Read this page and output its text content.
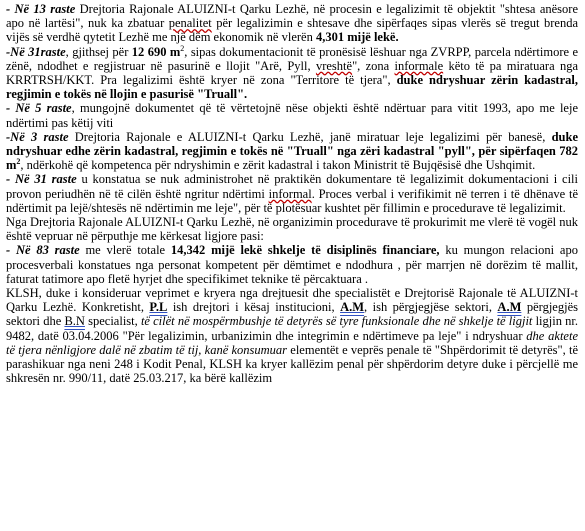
- Në 13 raste Drejtoria Rajonale ALUIZNI-t Qarku Lezhë, në procesin e legalizimit të objektit "shtesa anësore apo në lartësi", nuk ka zbatuar penalitet për legalizimin e shtesave dhe sipërfaqes sipas vlerës së tregut brenda vijës së verdhë qytetit Lezhë me një dëm ekonomik në vlerën 4,301 mijë lekë.

-Në 31raste, gjithsej për 12 690 $m^2$, sipas dokumentacionit të pronësisë lëshuar nga ZVRPP, parcela ndërtimore e zënë, ndodhet e regjistruar në pasurinë e llojit "Arë, Pyll, vreshtë", zona informale këto të pa miratuara nga KRRTRSH/KKT. Pra legalizimi është kryer në zona "Territore të tjera", duke ndryshuar zërin kadastral, regjimin e tokës në llojin e pasurisë "Truall".

- Në 5 raste, mungojnë dokumentet që të vërtetojnë nëse objekti është ndërtuar para vitit 1993, apo me leje ndërtimi pas këtij viti

-Në 3 raste Drejtoria Rajonale e ALUIZNI-t Qarku Lezhë, janë miratuar leje legalizimi për banesë, duke ndryshuar edhe zërin kadastral, regjimin e tokës në "Truall" nga zëri kadastral "pyll", për sipërfaqen 782 $m^2$, ndërkohë që kompetenca për ndryshimin e zërit kadastral i takon Ministrit të Bujqësisë dhe Ushqimit.

- Në 31 raste u konstatua se nuk administrohet në praktikën dokumentare të legalizimit dokumentacioni i cili provon periudhën në të cilën është ngritur ndërtimi informal. Proces verbal i verifikimit në terren i të dhënave të ndërtimit pa lejë/shtesës në ndërtimin me leje", për të plotësuar kushtet për fillimin e procedurave të legalizimit.

Nga Drejtoria Rajonale ALUIZNI-t Qarku Lezhë, në organizimin procedurave të prokurimit me vlerë të vogël nuk është vepruar në përputhje me kërkesat ligjore pasi:

- Në 83 raste me vlerë totale 14,342 mijë lekë shkelje të disiplinës financiare, ku mungon relacioni apo procesverbali konstatues nga personat kompetent për dëmtimet e ndodhura , për marrjen në dorëzim të mallit, faturat tatimore apo fletë hyrjet dhe specifikimet teknike të përcaktuara .

KLSH, duke i konsideruar veprimet e kryera nga drejtuesit dhe specialistët e Drejtorisë Rajonale të ALUIZNI-t Qarku Lezhë. Konkretisht, P.L ish drejtori i kësaj institucioni, A.M, ish përgjegjëse sektori, A.M përgjegjës sektori dhe B.N specialist, të cilët në mospërmbushje të detyrës së tyre funksionale dhe në shkelje të ligjit ligjin nr. 9482, datë 03.04.2006 "Për legalizimin, urbanizimin dhe integrimin e ndërtimeve pa leje" i ndryshuar dhe aktete të tjera nënligjore dalë në zbatim të tij, kanë konsumuar elementët e veprës penale të "Shpërdorimit të detyrës", të parashikuar nga neni 248 i Kodit Penal, KLSH ka kryer kallëzim penal për shpërdorim detyre duke i përcjellë me shkresën nr. 990/11, datë 25.03.217, ka bërë kallëzim
